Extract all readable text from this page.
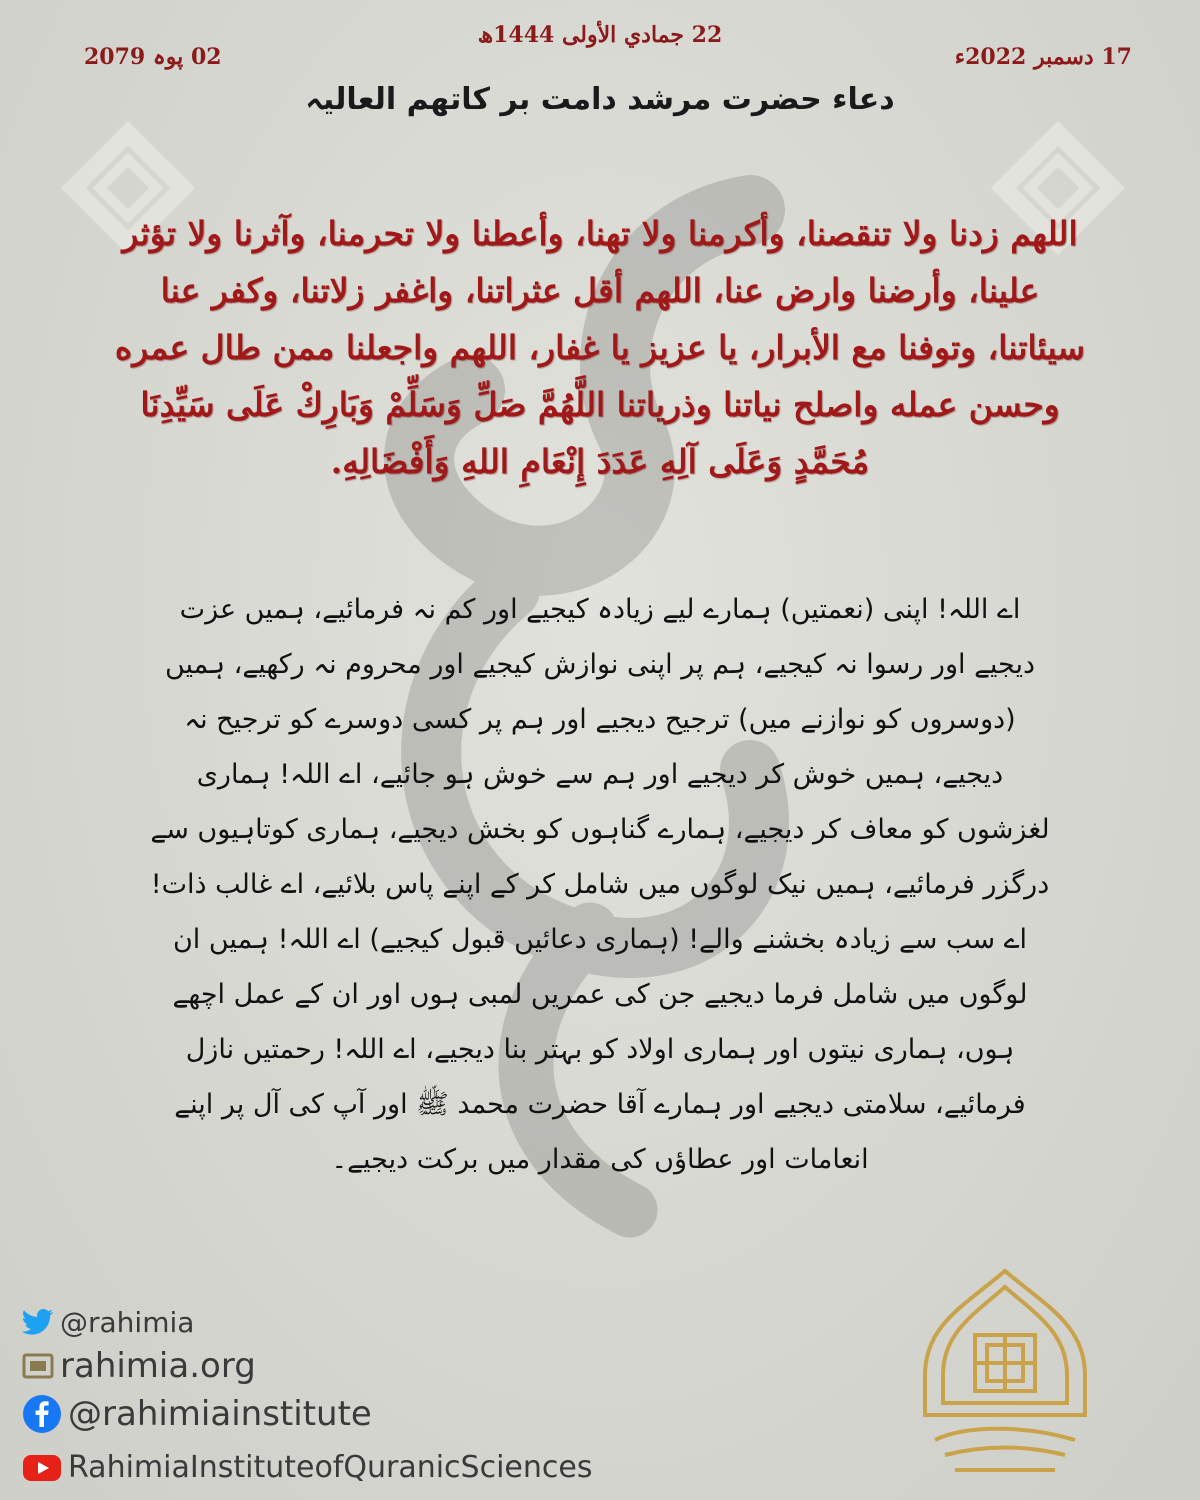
22 جمادي الأولى 1444ھ
17 دسمبر 2022ء
02 پوہ 2079
دعاء حضرت مرشد دامت بر کاتھم العالیہ
اللهم زدنا ولا تنقصنا، وأكرمنا ولا تهنا، وأعطنا ولا تحرمنا، وآثرنا ولا تؤثر علينا، وأرضنا وارض عنا، اللهم أقل عثراتنا، واغفر زلاتنا، وكفر عنا سيئاتنا، وتوفنا مع الأبرار، يا عزيز يا غفار، اللهم واجعلنا ممن طال عمره وحسن عمله واصلح نياتنا وذرياتنا اللَّهُمَّ صَلِّ وَسَلِّمْ وَبَارِكْ عَلَى سَيِّدِنَا مُحَمَّدٍ وَعَلَى آلِهِ عَدَدَ إِنْعَامِ اللهِ وَأَفْضَالِهِ.
اے اللہ! اپنی (نعمتیں) ہمارے لیے زیادہ کیجیے اور کم نہ فرمائیے، ہمیں عزت دیجیے اور رسوا نہ کیجیے، ہم پر اپنی نوازش کیجیے اور محروم نہ رکھیے، ہمیں (دوسروں کو نوازنے میں) ترجیح دیجیے اور ہم پر کسی دوسرے کو ترجیح نہ دیجیے، ہمیں خوش کر دیجیے اور ہم سے خوش ہو جائیے، اے اللہ! ہماری لغزشوں کو معاف کر دیجیے، ہمارے گناہوں کو بخش دیجیے، ہماری کوتاہیوں سے درگزر فرمائیے، ہمیں نیک لوگوں میں شامل کر کے اپنے پاس بلائیے، اے غالب ذات! اے سب سے زیادہ بخشنے والے! (ہماری دعائیں قبول کیجیے) اے اللہ! ہمیں ان لوگوں میں شامل فرما دیجیے جن کی عمریں لمبی ہوں اور ان کے عمل اچھے ہوں، ہماری نیتوں اور ہماری اولاد کو بہتر بنا دیجیے، اے اللہ! رحمتیں نازل فرمائیے، سلامتی دیجیے اور ہمارے آقا حضرت محمد ﷺ اور آپ کی آل پر اپنے انعامات اور عطاؤں کی مقدار میں برکت دیجیے۔
@rahimia
rahimia.org
@rahimiainstitute
RahimiaInstituteofQuranicSciences
